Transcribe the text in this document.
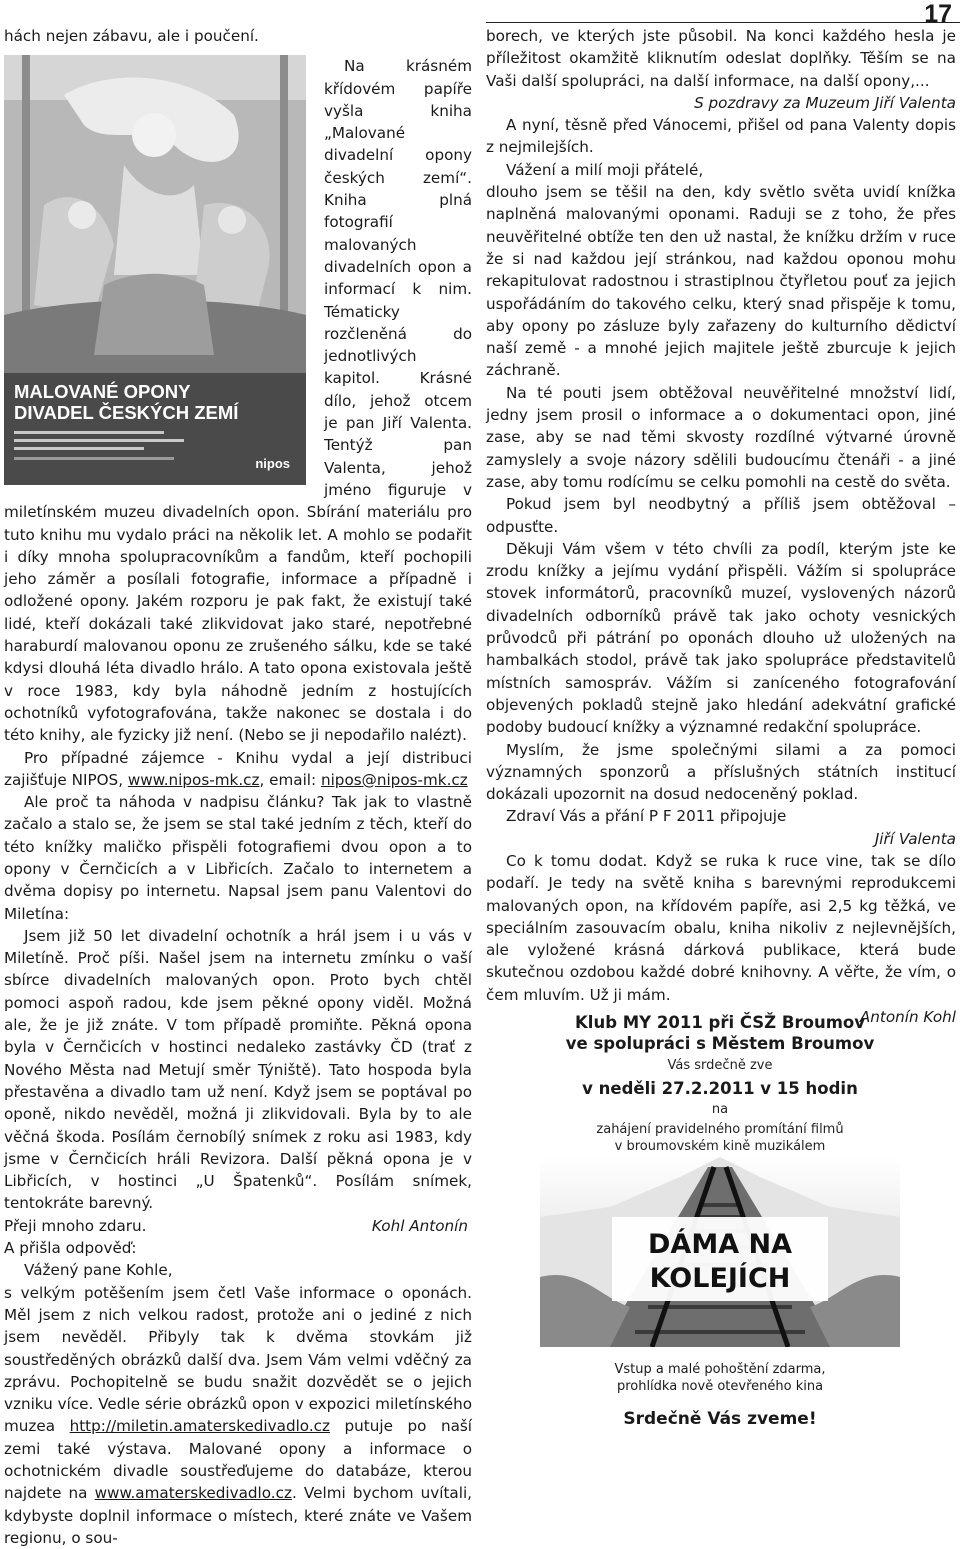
17

hách nejen zábavu, ale i poučení.

MALOVANÉ OPONY
DIVADEL ČESKÝCH ZEMÍ
nipos

Na krásném křídovém papíře vyšla kniha „Malované divadelní opony českých zemí“. Kniha plná fotografií malovaných divadelních opon a informací k nim. Tématicky rozčleněná do jednotlivých kapitol. Krásné dílo, jehož otcem je pan Jiří Valenta. Tentýž pan Valenta, jehož jméno figuruje v miletínském muzeu divadelních opon. Sbírání materiálu pro tuto knihu mu vydalo práci na několik let. A mohlo se podařit i díky mnoha spolupracovníkům a fandům, kteří pochopili jeho záměr a posílali fotografie, informace a případně i odložené opony. Jakém rozporu je pak fakt, že existují také lidé, kteří dokázali také zlikvidovat jako staré, nepotřebné haraburdí malovanou oponu ze zrušeného sálku, kde se také kdysi dlouhá léta divadlo hrálo. A tato opona existovala ještě v roce 1983, kdy byla náhodně jedním z hostujících ochotníků vyfotografována, takže nakonec se dostala i do této knihy, ale fyzicky již není. (Nebo se ji nepodařilo nalézt).

Pro případné zájemce - Knihu vydal a její distribuci zajišťuje NIPOS, www.nipos-mk.cz, email: nipos@nipos-mk.cz

Ale proč ta náhoda v nadpisu článku? Tak jak to vlastně začalo a stalo se, že jsem se stal také jedním z těch, kteří do této knížky maličko přispěli fotografiemi dvou opon a to opony v Černčicích a v Libřicích. Začalo to internetem a dvěma dopisy po internetu. Napsal jsem panu Valentovi do Miletína:

Jsem již 50 let divadelní ochotník a hrál jsem i u vás v Miletíně. Proč píši. Našel jsem na internetu zmínku o vaší sbírce divadelních malovaných opon. Proto bych chtěl pomoci aspoň radou, kde jsem pěkné opony viděl. Možná ale, že je již znáte. V tom případě promiňte. Pěkná opona byla v Černčicích v hostinci nedaleko zastávky ČD (trať z Nového Města nad Metují směr Týniště). Tato hospoda byla přestavěna a divadlo tam už není. Když jsem se poptával po oponě, nikdo nevěděl, možná ji zlikvidovali. Byla by to ale věčná škoda. Posílám černobílý snímek z roku asi 1983, kdy jsme v Černčicích hráli Revizora. Další pěkná opona je v Libřicích, v hostinci „U Špatenků“. Posílám snímek, tentokráte barevný.

Přeji mnoho zdaru.	Kohl Antonín

A přišla odpověď:

Vážený pane Kohle,

s velkým potěšením jsem četl Vaše informace o oponách. Měl jsem z nich velkou radost, protože ani o jediné z nich jsem nevěděl. Přibyly tak k dvěma stovkám již soustředěných obrázků další dva. Jsem Vám velmi vděčný za zprávu. Pochopitelně se budu snažit dozvědět se o jejich vzniku více. Vedle série obrázků opon v expozici miletínského muzea http://miletin.amaterskedivadlo.cz putuje po naší zemi také výstava. Malované opony a informace o ochotnickém divadle soustřeďujeme do databáze, kterou najdete na www.amaterskedivadlo.cz. Velmi bychom uvítali, kdybyste doplnil informace o místech, které znáte ve Vašem regionu, o sou-

borech, ve kterých jste působil. Na konci každého hesla je příležitost okamžitě kliknutím odeslat doplňky. Těším se na Vaši další spolupráci, na další informace, na další opony,...

S pozdravy za Muzeum Jiří Valenta

A nyní, těsně před Vánocemi, přišel od pana Valenty dopis z nejmilejších.

Vážení a milí moji přátelé,

dlouho jsem se těšil na den, kdy světlo světa uvidí knížka naplněná malovanými oponami. Raduji se z toho, že přes neuvěřitelné obtíže ten den už nastal, že knížku držím v ruce že si nad každou její stránkou, nad každou oponou mohu rekapitulovat radostnou i strastiplnou čtyřletou pouť za jejich uspořádáním do takového celku, který snad přispěje k tomu, aby opony po zásluze byly zařazeny do kulturního dědictví naší země - a mnohé jejich majitele ještě zburcuje k jejich záchraně.

Na té pouti jsem obtěžoval neuvěřitelné množství lidí, jedny jsem prosil o informace a o dokumentaci opon, jiné zase, aby se nad těmi skvosty rozdílné výtvarné úrovně zamyslely a svoje názory sdělili budoucímu čtenáři - a jiné zase, aby tomu rodícímu se celku pomohli na cestě do světa.

Pokud jsem byl neodbytný a příliš jsem obtěžoval – odpusťte.

Děkuji Vám všem v této chvíli za podíl, kterým jste ke zrodu knížky a jejímu vydání přispěli. Vážím si spolupráce stovek informátorů, pracovníků muzeí, vyslovených názorů divadelních odborníků právě tak jako ochoty vesnických průvodců při pátrání po oponách dlouho už uložených na hambalkách stodol, právě tak jako spolupráce představitelů místních samospráv. Vážím si zaníceného fotografování objevených pokladů stejně jako hledání adekvátní grafické podoby budoucí knížky a významné redakční spolupráce.

Myslím, že jsme společnými silami a za pomoci významných sponzorů a příslušných státních institucí dokázali upozornit na dosud nedoceněný poklad.

Zdraví Vás a přání P F 2011 připojuje

Jiří Valenta

Co k tomu dodat. Když se ruka k ruce vine, tak se dílo podaří. Je tedy na světě kniha s barevnými reprodukcemi malovaných opon, na křídovém papíře, asi 2,5 kg těžká, ve speciálním zasouvacím obalu, kniha nikoliv z nejlevnějších, ale vyložené krásná dárková publikace, která bude skutečnou ozdobou každé dobré knihovny. A věřte, že vím, o čem mluvím. Už ji mám.

Antonín Kohl

Klub MY 2011 při ČSŽ Broumov
ve spolupráci s Městem Broumov
Vás srdečně zve
v neděli 27.2.2011 v 15 hodin
na
zahájení pravidelného promítání filmů
v broumovském kině muzikálem
DÁMA NA
KOLEJÍCH
Vstup a malé pohoštění zdarma,
prohlídka nově otevřeného kina
Srdečně Vás zveme!
